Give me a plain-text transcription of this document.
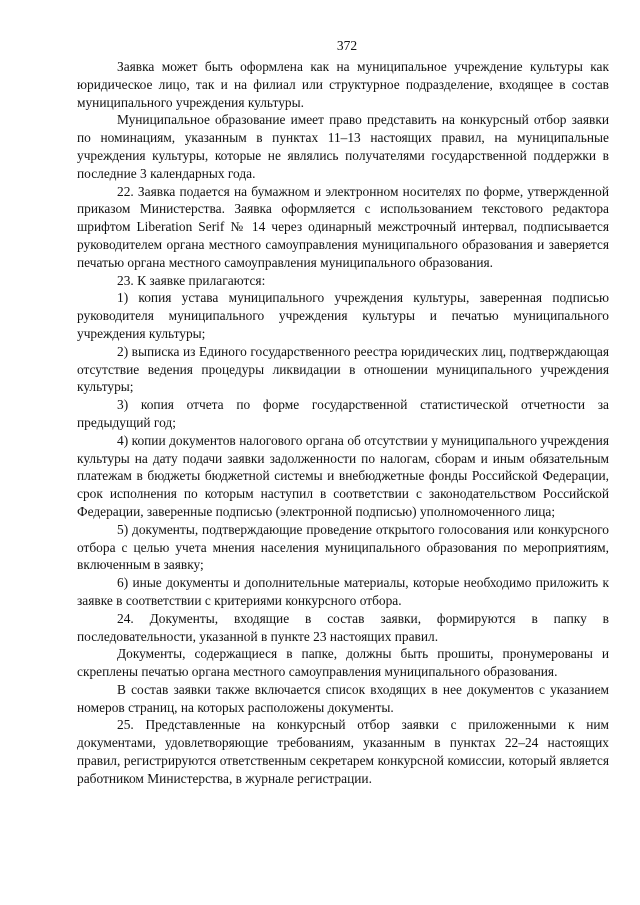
372

Заявка может быть оформлена как на муниципальное учреждение культуры как юридическое лицо, так и на филиал или структурное подразделение, входящее в состав муниципального учреждения культуры.

Муниципальное образование имеет право представить на конкурсный отбор заявки по номинациям, указанным в пунктах 11–13 настоящих правил, на муниципальные учреждения культуры, которые не являлись получателями государственной поддержки в последние 3 календарных года.

22. Заявка подается на бумажном и электронном носителях по форме, утвержденной приказом Министерства. Заявка оформляется с использованием текстового редактора шрифтом Liberation Serif № 14 через одинарный межстрочный интервал, подписывается руководителем органа местного самоуправления муниципального образования и заверяется печатью органа местного самоуправления муниципального образования.

23. К заявке прилагаются:

1) копия устава муниципального учреждения культуры, заверенная подписью руководителя муниципального учреждения культуры и печатью муниципального учреждения культуры;

2) выписка из Единого государственного реестра юридических лиц, подтверждающая отсутствие ведения процедуры ликвидации в отношении муниципального учреждения культуры;

3) копия отчета по форме государственной статистической отчетности за предыдущий год;

4) копии документов налогового органа об отсутствии у муниципального учреждения культуры на дату подачи заявки задолженности по налогам, сборам и иным обязательным платежам в бюджеты бюджетной системы и внебюджетные фонды Российской Федерации, срок исполнения по которым наступил в соответствии с законодательством Российской Федерации, заверенные подписью (электронной подписью) уполномоченного лица;

5) документы, подтверждающие проведение открытого голосования или конкурсного отбора с целью учета мнения населения муниципального образования по мероприятиям, включенным в заявку;

6) иные документы и дополнительные материалы, которые необходимо приложить к заявке в соответствии с критериями конкурсного отбора.

24. Документы, входящие в состав заявки, формируются в папку в последовательности, указанной в пункте 23 настоящих правил.

Документы, содержащиеся в папке, должны быть прошиты, пронумерованы и скреплены печатью органа местного самоуправления муниципального образования.

В состав заявки также включается список входящих в нее документов с указанием номеров страниц, на которых расположены документы.

25. Представленные на конкурсный отбор заявки с приложенными к ним документами, удовлетворяющие требованиям, указанным в пунктах 22–24 настоящих правил, регистрируются ответственным секретарем конкурсной комиссии, который является работником Министерства, в журнале регистрации.
